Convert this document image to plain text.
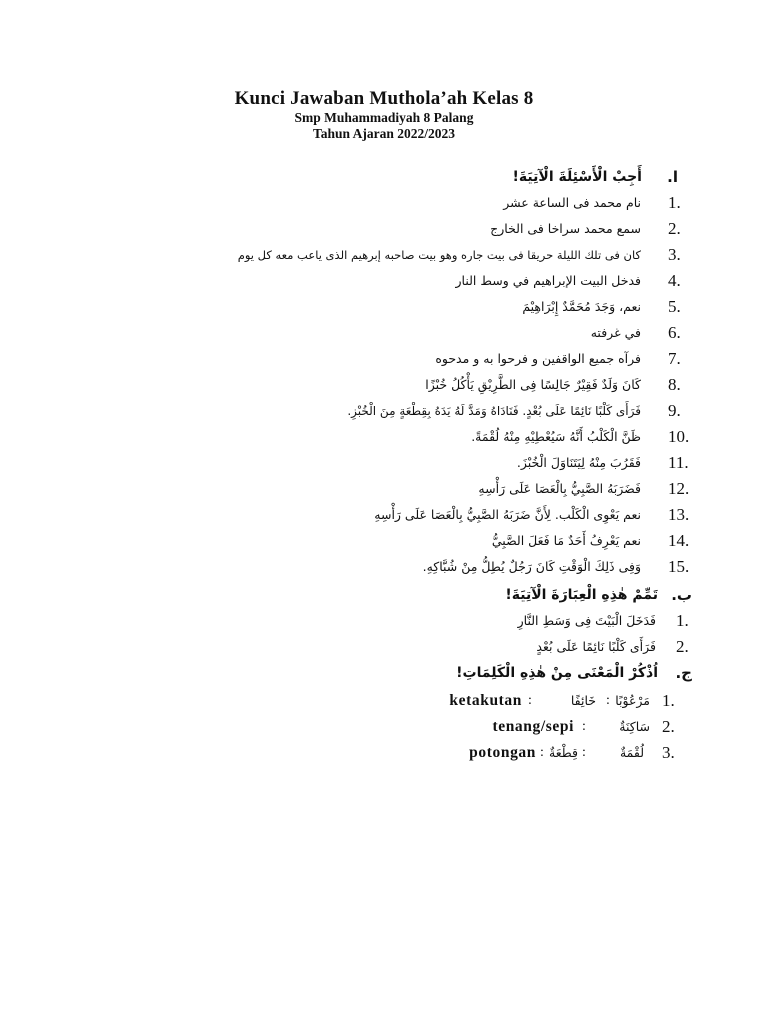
Kunci Jawaban Mutholaʼah Kelas 8
Smp Muhammadiyah 8 Palang
Tahun Ajaran 2022/2023
ا.
أَجِبْ الْأَسْئِلَةَ الْآتِيَةَ!
1.
نام محمد فى الساعة عشر
2.
سمع محمد سراخا فى الخارج
3.
كان فى تلك الليلة حريقا فى بيت جاره وهو بيت صاحبه إبرهيم الذى ياعب معه كل يوم
4.
فدخل البيت الإبراهيم في وسط النار
5.
نعم، وَجَدَ مُحَمَّدٌ إِبْرَاهِيْمَ
6.
في غرفته
7.
فرآه جميع الواقفين و فرحوا به و مدحوه
8.
كَانَ وَلَدٌ فَقِيْرٌ جَالِسًا فِى الطَّرِيْقِ يَأْكُلُ خُبْزًا
9.
فَرَأَى كَلْبًا نَائِمًا عَلَى بُعْدٍ. فَنَادَاهُ وَمَدَّ لَهُ يَدَهُ بِقِطْعَةٍ مِنَ الْخُبْزِ.
10.
ظَنَّ الْكَلْبُ أَنَّهُ سَيُعْطِيْهِ مِنْهُ لُقْمَةً.
11.
فَقَرُبَ مِنْهُ لِيَتَنَاوَلَ الْخُبْزَ.
12.
فَضَرَبَهُ الصَّبِيُّ بِالْعَصَا عَلَى رَأْسِهِ
13.
نعم يَعْوِى الْكَلْب. لِأَنَّ ضَرَبَهُ الصَّبِيُّ بِالْعَصَا عَلَى رَأْسِهِ
14.
نعم يَعْرِفُ أَحَدٌ مَا فَعَلَ الصَّبِيُّ
15.
وَفِى ذَلِكَ الْوَقْتِ كَانَ رَجُلٌ يُطِلُّ مِنْ شُبَّاكِهِ.
ب.
تَمِّمْ هٰذِهِ الْعِبَارَةَ الْآتِيَةَ!
1.
فَدَخَلَ الْبَيْتَ فِى وَسَطِ النَّارِ
2.
فَرَأَى كَلْبًا نَائِمًا عَلَى بُعْدٍ
ج.
اُذْكُرْ الْمَعْنَى مِنْ هٰذِهِ الْكَلِمَاتِ!
1.
مَرْعُوْبًا
:
خَائِفًا
:
ketakutan
2.
سَاكِنَةٌ
:
tenang/sepi
3.
لُقْمَةٌ
:
قِطْعَةٌ
:
potongan
